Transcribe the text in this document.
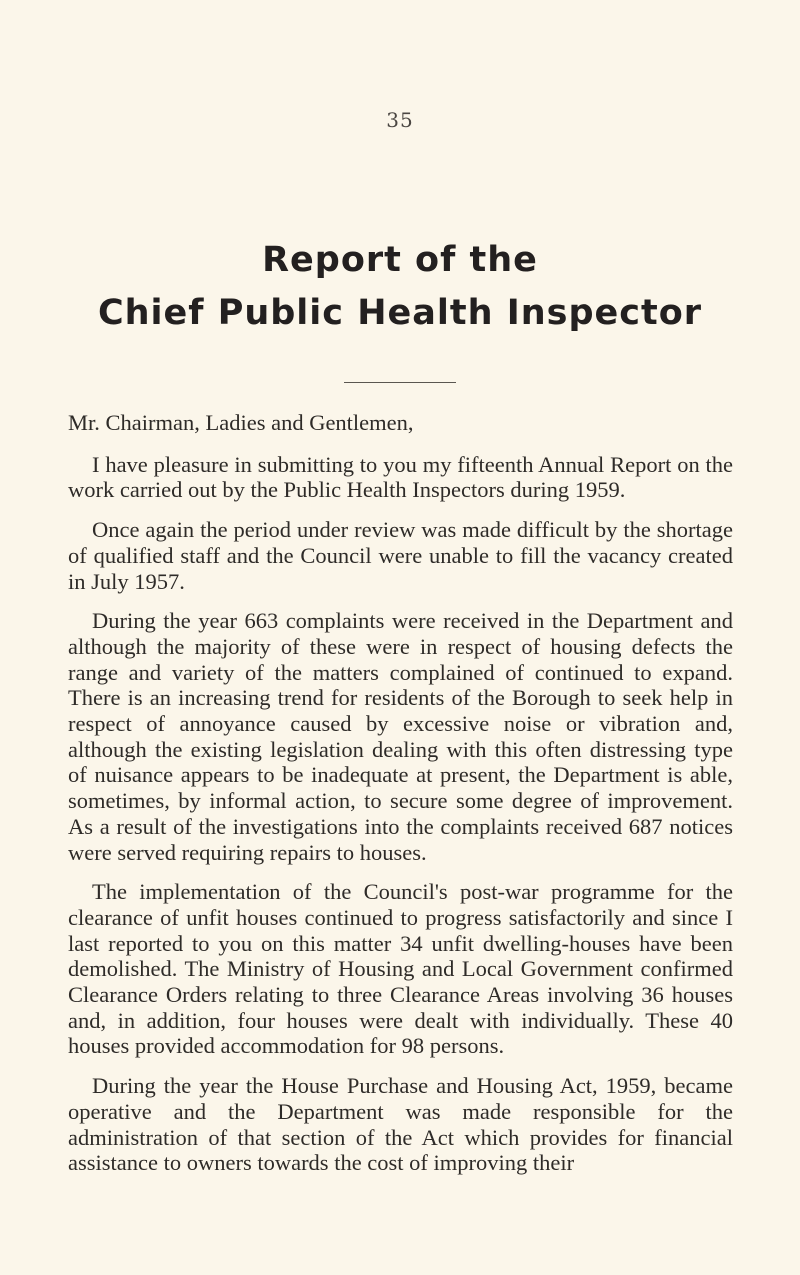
35
Report of the
Chief Public Health Inspector

Mr. Chairman, Ladies and Gentlemen,

I have pleasure in submitting to you my fifteenth Annual Report on the work carried out by the Public Health Inspectors during 1959.

Once again the period under review was made difficult by the shortage of qualified staff and the Council were unable to fill the vacancy created in July 1957.

During the year 663 complaints were received in the Department and although the majority of these were in respect of housing defects the range and variety of the matters complained of continued to expand. There is an increasing trend for residents of the Borough to seek help in respect of annoyance caused by excessive noise or vibration and, although the existing legislation dealing with this often distressing type of nuisance appears to be inadequate at present, the Department is able, sometimes, by informal action, to secure some degree of improvement. As a result of the investigations into the complaints received 687 notices were served requiring repairs to houses.

The implementation of the Council's post-war programme for the clearance of unfit houses continued to progress satisfactorily and since I last reported to you on this matter 34 unfit dwelling-houses have been demolished. The Ministry of Housing and Local Government confirmed Clearance Orders relating to three Clearance Areas involving 36 houses and, in addition, four houses were dealt with individually. These 40 houses provided accommodation for 98 persons.

During the year the House Purchase and Housing Act, 1959, became operative and the Department was made responsible for the administration of that section of the Act which provides for financial assistance to owners towards the cost of improving their
